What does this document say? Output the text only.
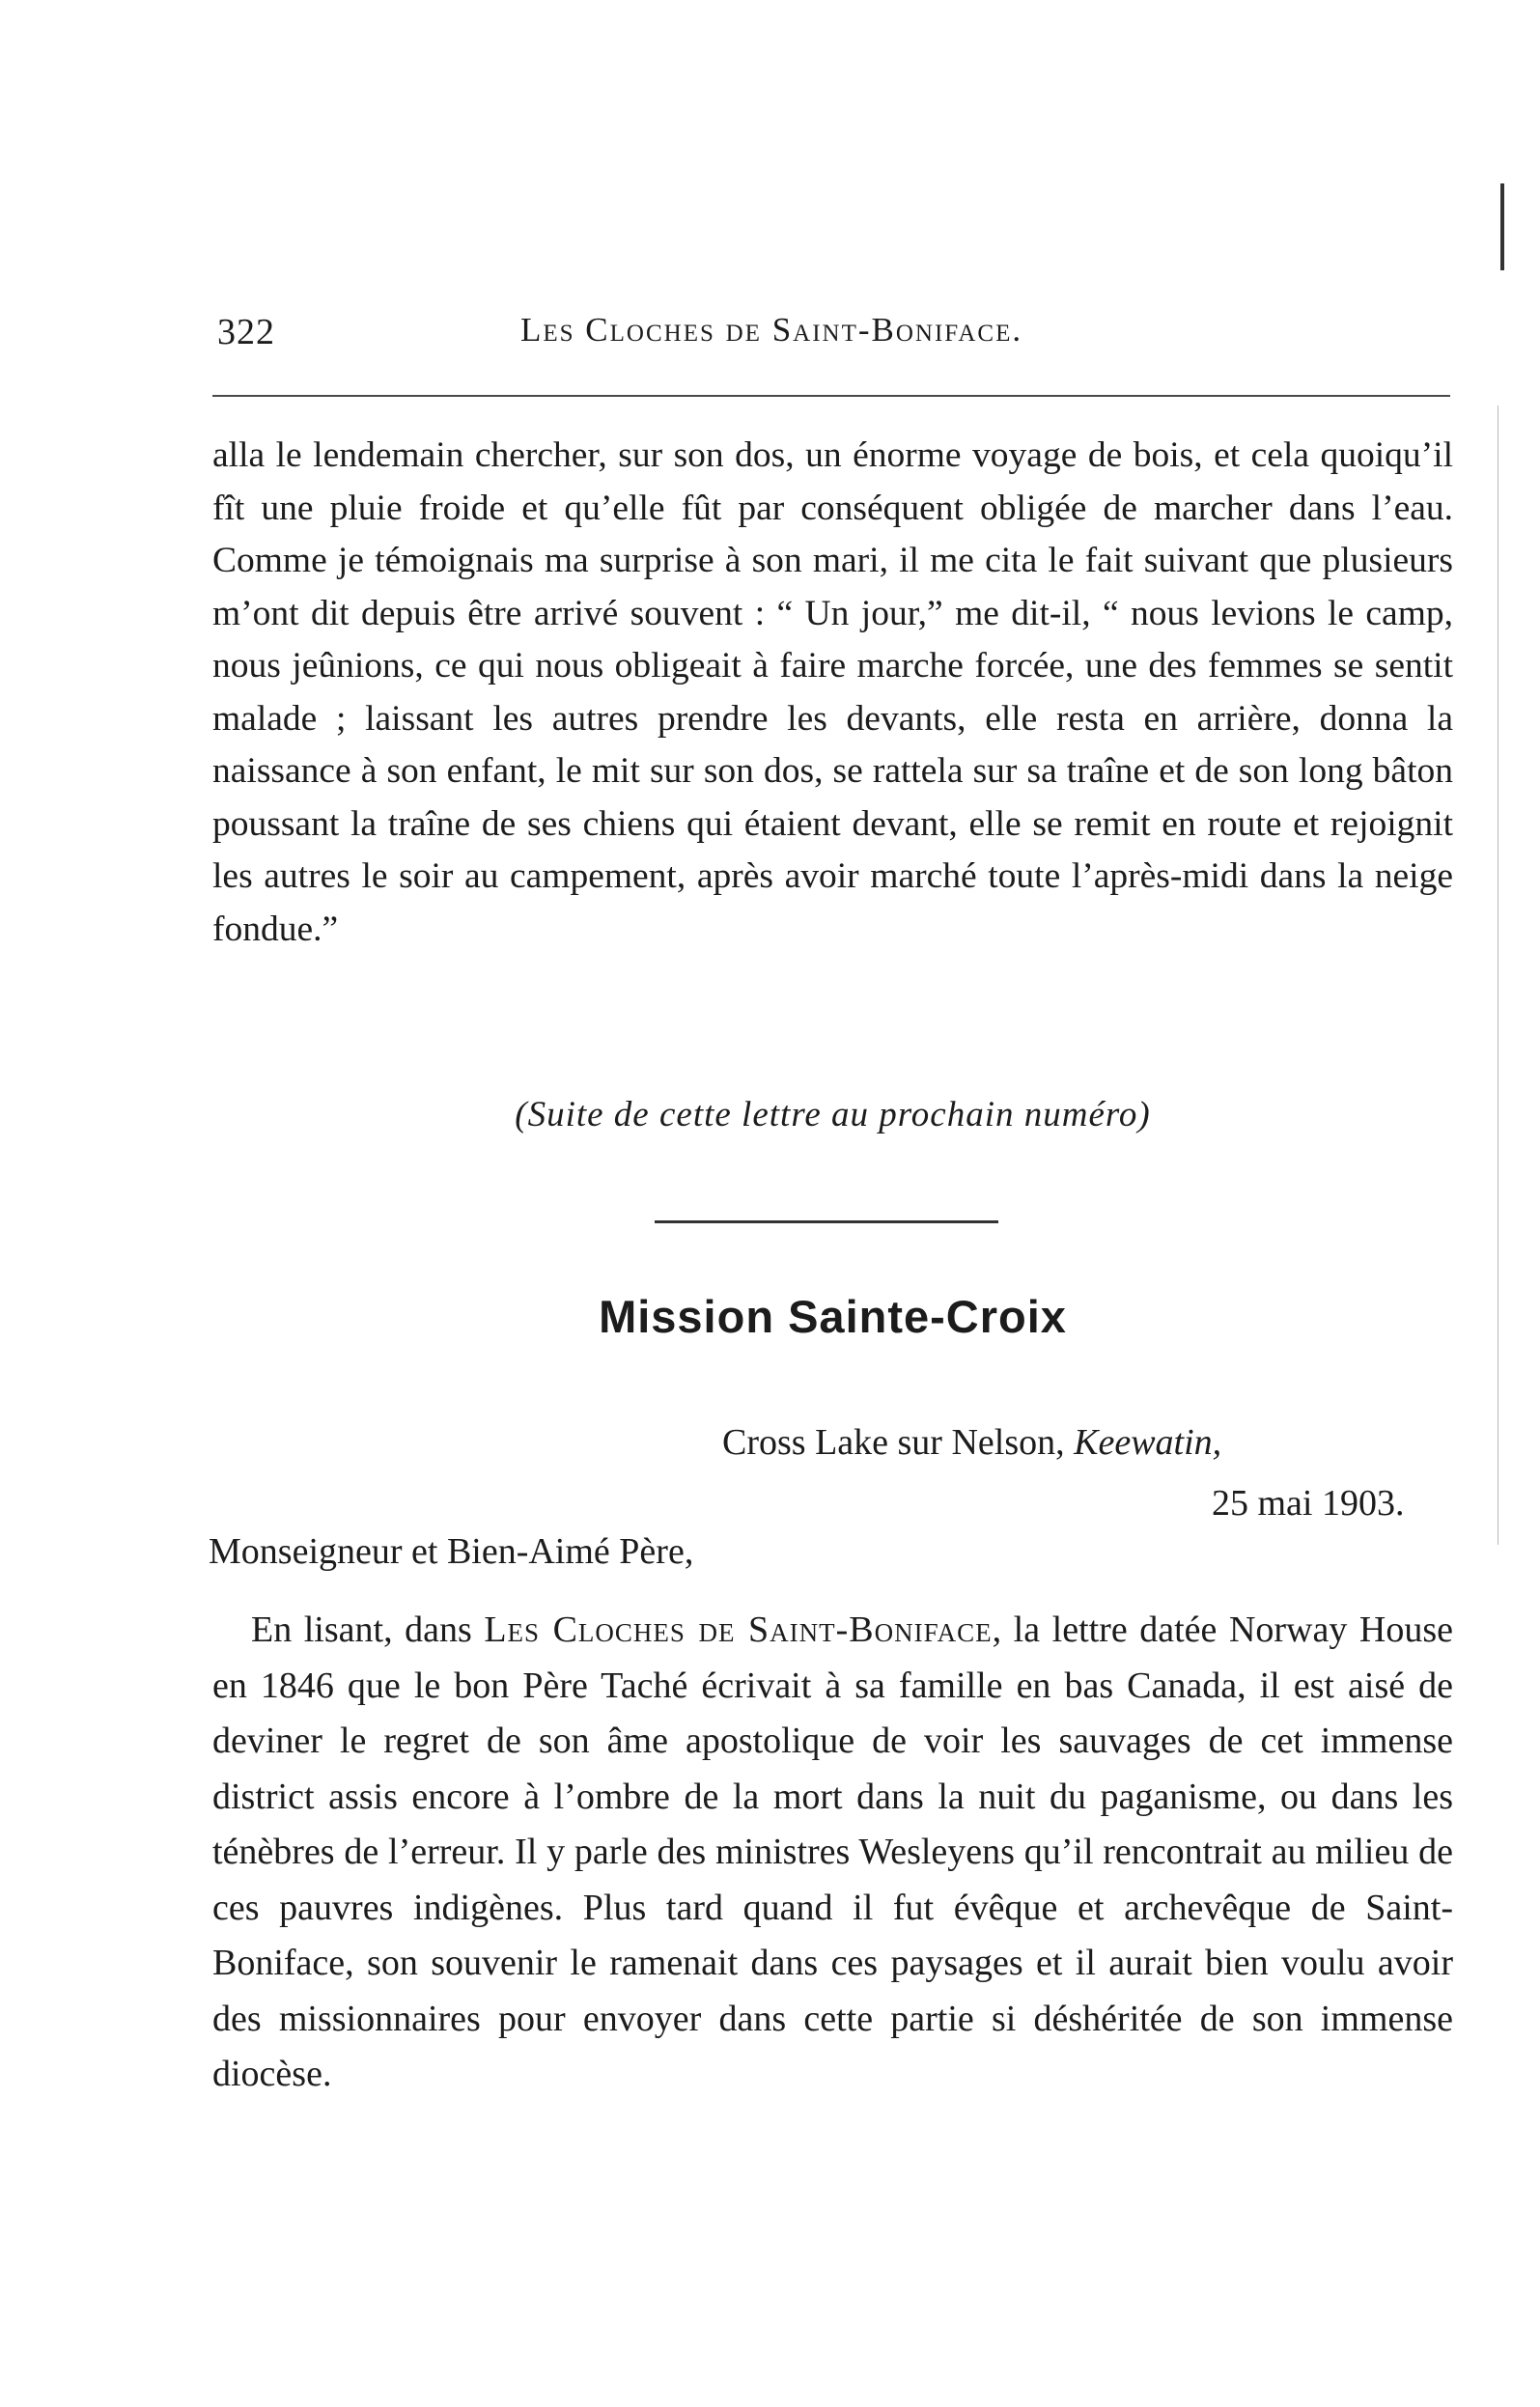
322	Les Cloches de Saint-Boniface.

alla le lendemain chercher, sur son dos, un énorme voyage de bois, et cela quoiqu’il fît une pluie froide et qu’elle fût par conséquent obligée de marcher dans l’eau. Comme je témoignais ma surprise à son mari, il me cita le fait suivant que plusieurs m’ont dit depuis être arrivé souvent : “ Un jour,” me dit-il, “ nous levions le camp, nous jeûnions, ce qui nous obligeait à faire marche forcée, une des femmes se sentit malade ; laissant les autres prendre les devants, elle resta en arrière, donna la naissance à son enfant, le mit sur son dos, se rattela sur sa traîne et de son long bâton poussant la traîne de ses chiens qui étaient devant, elle se remit en route et rejoignit les autres le soir au campement, après avoir marché toute l’après-midi dans la neige fondue.”

(Suite de cette lettre au prochain numéro)
Mission Sainte-Croix
Cross Lake sur Nelson, Keewatin,
25 mai 1903.
Monseigneur et Bien-Aimé Père,

En lisant, dans Les Cloches de Saint-Boniface, la lettre datée Norway House en 1846 que le bon Père Taché écrivait à sa famille en bas Canada, il est aisé de deviner le regret de son âme apostolique de voir les sauvages de cet immense district assis encore à l’ombre de la mort dans la nuit du paganisme, ou dans les ténèbres de l’erreur. Il y parle des ministres Wesleyens qu’il rencontrait au milieu de ces pauvres indigènes. Plus tard quand il fut évêque et archevêque de Saint-Boniface, son souvenir le ramenait dans ces paysages et il aurait bien voulu avoir des missionnaires pour envoyer dans cette partie si déshéritée de son immense diocèse.
